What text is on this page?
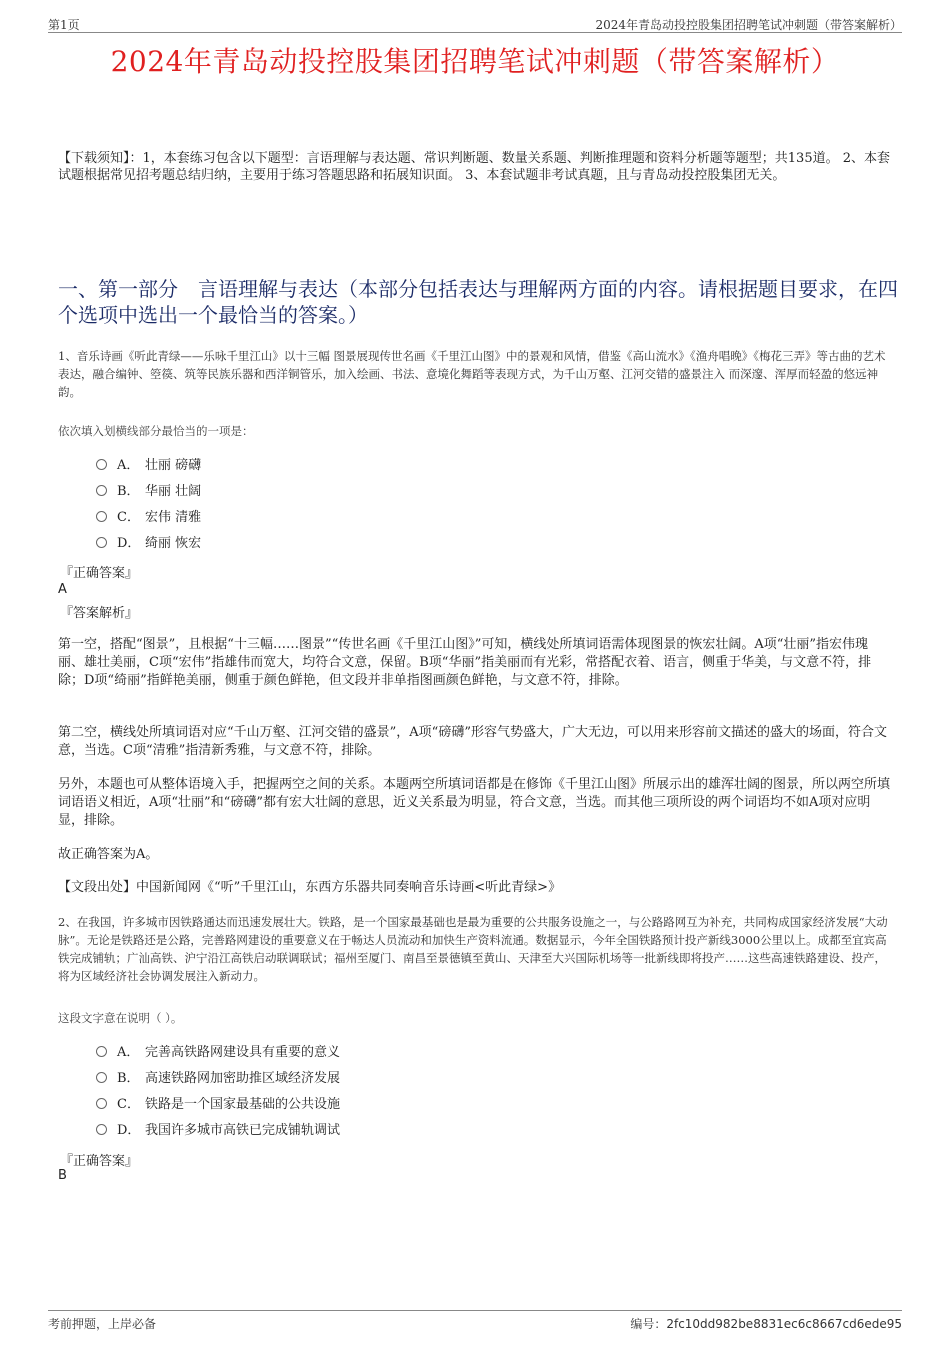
第1页	2024年青岛动投控股集团招聘笔试冲刺题（带答案解析）
2024年青岛动投控股集团招聘笔试冲刺题（带答案解析）
【下载须知】：1，本套练习包含以下题型：言语理解与表达题、常识判断题、数量关系题、判断推理题和资料分析题等题型；共135道。 2、本套试题根据常见招考题总结归纳，主要用于练习答题思路和拓展知识面。 3、本套试题非考试真题，且与青岛动投控股集团无关。
一、第一部分　言语理解与表达（本部分包括表达与理解两方面的内容。请根据题目要求，在四个选项中选出一个最恰当的答案。）
1、音乐诗画《听此青绿——乐咏千里江山》以十三幅 图景展现传世名画《千里江山图》中的景观和风情，借鉴《高山流水》《渔舟唱晚》《梅花三弄》等古曲的艺术表达，融合编钟、箜篌、筑等民族乐器和西洋铜管乐，加入绘画、书法、意境化舞蹈等表现方式，为千山万壑、江河交错的盛景注入 而深邃、浑厚而轻盈的悠远神韵。
依次填入划横线部分最恰当的一项是：
A． 壮丽 磅礴
B． 华丽 壮阔
C． 宏伟 清雅
D． 绮丽 恢宏
『正确答案』
A
『答案解析』
第一空，搭配“图景”，且根据“十三幅……图景”“传世名画《千里江山图》”可知，横线处所填词语需体现图景的恢宏壮阔。A项“壮丽”指宏伟瑰丽、雄壮美丽，C项“宏伟”指雄伟而宽大，均符合文意，保留。B项“华丽”指美丽而有光彩，常搭配衣着、语言，侧重于华美，与文意不符，排除；D项“绮丽”指鲜艳美丽，侧重于颜色鲜艳，但文段并非单指图画颜色鲜艳，与文意不符，排除。
第二空，横线处所填词语对应“千山万壑、江河交错的盛景”，A项“磅礴”形容气势盛大，广大无边，可以用来形容前文描述的盛大的场面，符合文意，当选。C项“清雅”指清新秀雅，与文意不符，排除。
另外，本题也可从整体语境入手，把握两空之间的关系。本题两空所填词语都是在修饰《千里江山图》所展示出的雄浑壮阔的图景，所以两空所填词语语义相近，A项“壮丽”和“磅礴”都有宏大壮阔的意思，近义关系最为明显，符合文意，当选。而其他三项所设的两个词语均不如A项对应明显，排除。
故正确答案为A。
【文段出处】中国新闻网《“听”千里江山，东西方乐器共同奏响音乐诗画<听此青绿>》
2、在我国，许多城市因铁路通达而迅速发展壮大。铁路，是一个国家最基础也是最为重要的公共服务设施之一，与公路路网互为补充，共同构成国家经济发展“大动脉”。无论是铁路还是公路，完善路网建设的重要意义在于畅达人员流动和加快生产资料流通。数据显示，今年全国铁路预计投产新线3000公里以上。成都至宜宾高铁完成铺轨；广汕高铁、沪宁沿江高铁启动联调联试；福州至厦门、南昌至景德镇至黄山、天津至大兴国际机场等一批新线即将投产……这些高速铁路建设、投产，将为区域经济社会协调发展注入新动力。
这段文字意在说明（ ）。
A． 完善高铁路网建设具有重要的意义
B． 高速铁路网加密助推区域经济发展
C． 铁路是一个国家最基础的公共设施
D． 我国许多城市高铁已完成铺轨调试
『正确答案』
B
考前押题，上岸必备	编号：2fc10dd982be8831ec6c8667cd6ede95
